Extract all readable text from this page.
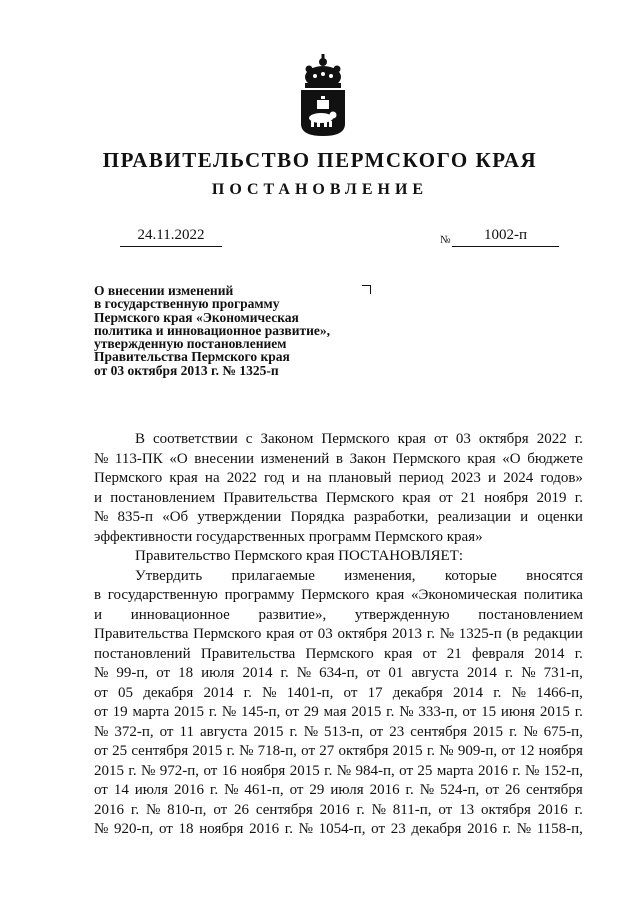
ПРАВИТЕЛЬСТВО ПЕРМСКОГО КРАЯ
ПОСТАНОВЛЕНИЕ
24.11.2022	№	1002-п
О внесении изменений
в государственную программу
Пермского края «Экономическая
политика и инновационное развитие»,
утвержденную постановлением
Правительства Пермского края
от 03 октября 2013 г. № 1325-п
В соответствии с Законом Пермского края от 03 октября 2022 г.
№ 113-ПК «О внесении изменений в Закон Пермского края «О бюджете
Пермского края на 2022 год и на плановый период 2023 и 2024 годов»
и постановлением Правительства Пермского края от 21 ноября 2019 г.
№ 835-п «Об утверждении Порядка разработки, реализации и оценки
эффективности государственных программ Пермского края»
Правительство Пермского края ПОСТАНОВЛЯЕТ:
Утвердить прилагаемые изменения, которые вносятся
в государственную программу Пермского края «Экономическая политика
и инновационное развитие», утвержденную постановлением
Правительства Пермского края от 03 октября 2013 г. № 1325-п (в редакции
постановлений Правительства Пермского края от 21 февраля 2014 г.
№ 99-п, от 18 июля 2014 г. № 634-п, от 01 августа 2014 г. № 731-п,
от 05 декабря 2014 г. № 1401-п, от 17 декабря 2014 г. № 1466-п,
от 19 марта 2015 г. № 145-п, от 29 мая 2015 г. № 333-п, от 15 июня 2015 г.
№ 372-п, от 11 августа 2015 г. № 513-п, от 23 сентября 2015 г. № 675-п,
от 25 сентября 2015 г. № 718-п, от 27 октября 2015 г. № 909-п, от 12 ноября
2015 г. № 972-п, от 16 ноября 2015 г. № 984-п, от 25 марта 2016 г. № 152-п,
от 14 июля 2016 г. № 461-п, от 29 июля 2016 г. № 524-п, от 26 сентября
2016 г. № 810-п, от 26 сентября 2016 г. № 811-п, от 13 октября 2016 г.
№ 920-п, от 18 ноября 2016 г. № 1054-п, от 23 декабря 2016 г. № 1158-п,
